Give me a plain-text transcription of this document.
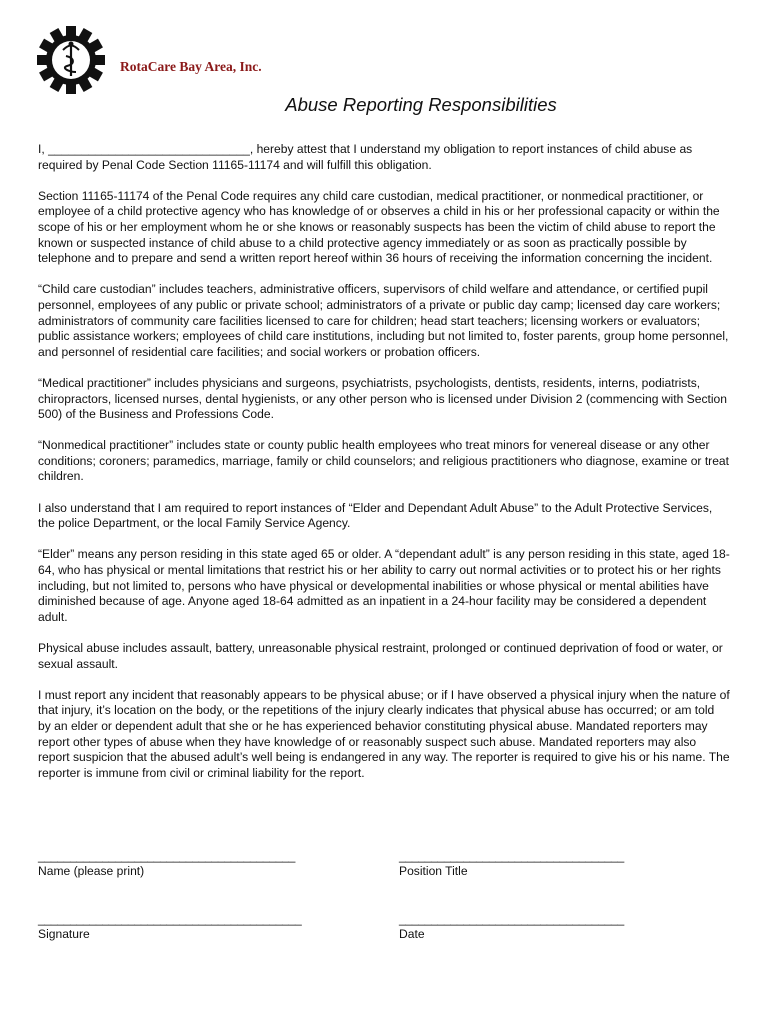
RotaCare Bay Area, Inc.
Abuse Reporting Responsibilities

I, ______________________________, hereby attest that I understand my obligation to report instances of child abuse as required by Penal Code Section 11165-11174 and will fulfill this obligation.

Section 11165-11174 of the Penal Code requires any child care custodian, medical practitioner, or nonmedical practitioner, or employee of a child protective agency who has knowledge of or observes a child in his or her professional capacity or within the scope of his or her employment whom he or she knows or reasonably suspects has been the victim of child abuse to report the known or suspected instance of child abuse to a child protective agency immediately or as soon as practically possible by telephone and to prepare and send a written report hereof within 36 hours of receiving the information concerning the incident.

“Child care custodian” includes teachers, administrative officers, supervisors of child welfare and attendance, or certified pupil personnel, employees of any public or private school; administrators of a private or public day camp; licensed day care workers; administrators of community care facilities licensed to care for children; head start teachers; licensing workers or evaluators; public assistance workers; employees of child care institutions, including but not limited to, foster parents, group home personnel, and personnel of residential care facilities; and social workers or probation officers.

“Medical practitioner” includes physicians and surgeons, psychiatrists, psychologists, dentists, residents, interns, podiatrists, chiropractors, licensed nurses, dental hygienists, or any other person who is licensed under Division 2 (commencing with Section 500) of the Business and Professions Code.

“Nonmedical practitioner” includes state or county public health employees who treat minors for venereal disease or any other conditions; coroners; paramedics, marriage, family or child counselors; and religious practitioners who diagnose, examine or treat children.

I also understand that I am required to report instances of “Elder and Dependant Adult Abuse” to the Adult Protective Services, the police Department, or the local Family Service Agency.

“Elder” means any person residing in this state aged 65 or older. A “dependant adult” is any person residing in this state, aged 18-64, who has physical or mental limitations that restrict his or her ability to carry out normal activities or to protect his or her rights including, but not limited to, persons who have physical or developmental inabilities or whose physical or mental abilities have diminished because of age. Anyone aged 18-64 admitted as an inpatient in a 24-hour facility may be considered a dependent adult.

Physical abuse includes assault, battery, unreasonable physical restraint, prolonged or continued deprivation of food or water, or sexual assault.

I must report any incident that reasonably appears to be physical abuse; or if I have observed a physical injury when the nature of that injury, it’s location on the body, or the repetitions of the injury clearly indicates that physical abuse has occurred; or am told by an elder or dependent adult that she or he has experienced behavior constituting physical abuse. Mandated reporters may report other types of abuse when they have knowledge of or reasonably suspect such abuse. Mandated reporters may also report suspicion that the abused adult’s well being is endangered in any way. The reporter is required to give his or his name. The reporter is immune from civil or criminal liability for the report.

________________________________________
Name (please print)
___________________________________
Position Title
_________________________________________
Signature
___________________________________
Date
